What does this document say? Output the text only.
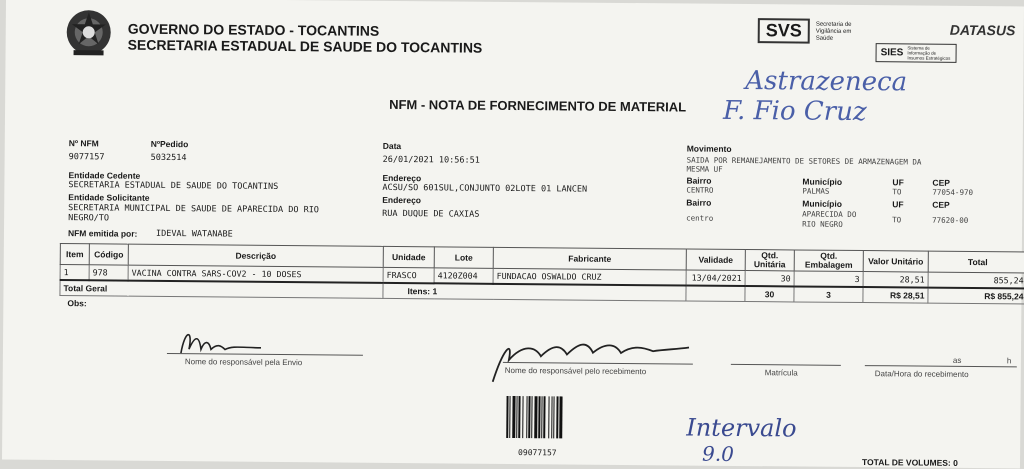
GOVERNO DO ESTADO - TOCANTINS
SECRETARIA ESTADUAL DE SAUDE DO TOCANTINS
SVS	Secretaria de Vigilância em Saúde
DATASUS
SIES Sistema de Informação de Insumos Estratégicos
NFM - NOTA DE FORNECIMENTO DE MATERIAL
Astrazeneca
F. Fio Cruz
Nº NFM
9077157
NºPedido
5032514
Data
26/01/2021 10:56:51
Movimento
SAIDA POR REMANEJAMENTO DE SETORES DE ARMAZENAGEM DA
MESMA UF
Entidade Cedente
SECRETARIA ESTADUAL DE SAUDE DO TOCANTINS
Endereço
ACSU/SO 601SUL,CONJUNTO 02LOTE 01 LANCEN
Bairro
CENTRO
Município
PALMAS
UF
TO
CEP
77054-970
Entidade Solicitante
SECRETARIA MUNICIPAL DE SAUDE DE APARECIDA DO RIO
NEGRO/TO
Endereço
RUA DUQUE DE CAXIAS
Bairro
centro
Município
APARECIDA DO
RIO NEGRO
UF
TO
CEP
77620-00
NFM emitida por: IDEVAL WATANABE
Item	Código	Descrição	Unidade	Lote	Fabricante	Validade	Qtd. Unitária	Qtd. Embalagem	Valor Unitário	Total
1	978	VACINA CONTRA SARS-COV2 - 10 DOSES	FRASCO	4120Z004	FUNDACAO OSWALDO CRUZ	13/04/2021	30	3	28,51	855,24
Total Geral			Itens: 1				30	3	R$ 28,51	R$ 855,24
Obs:
Nome do responsável pela Envio
Nome do responsável pelo recebimento	Matrícula
as	h
Data/Hora do recebimento
09077157
Intervalo
9.0	TOTAL DE VOLUMES: 0
